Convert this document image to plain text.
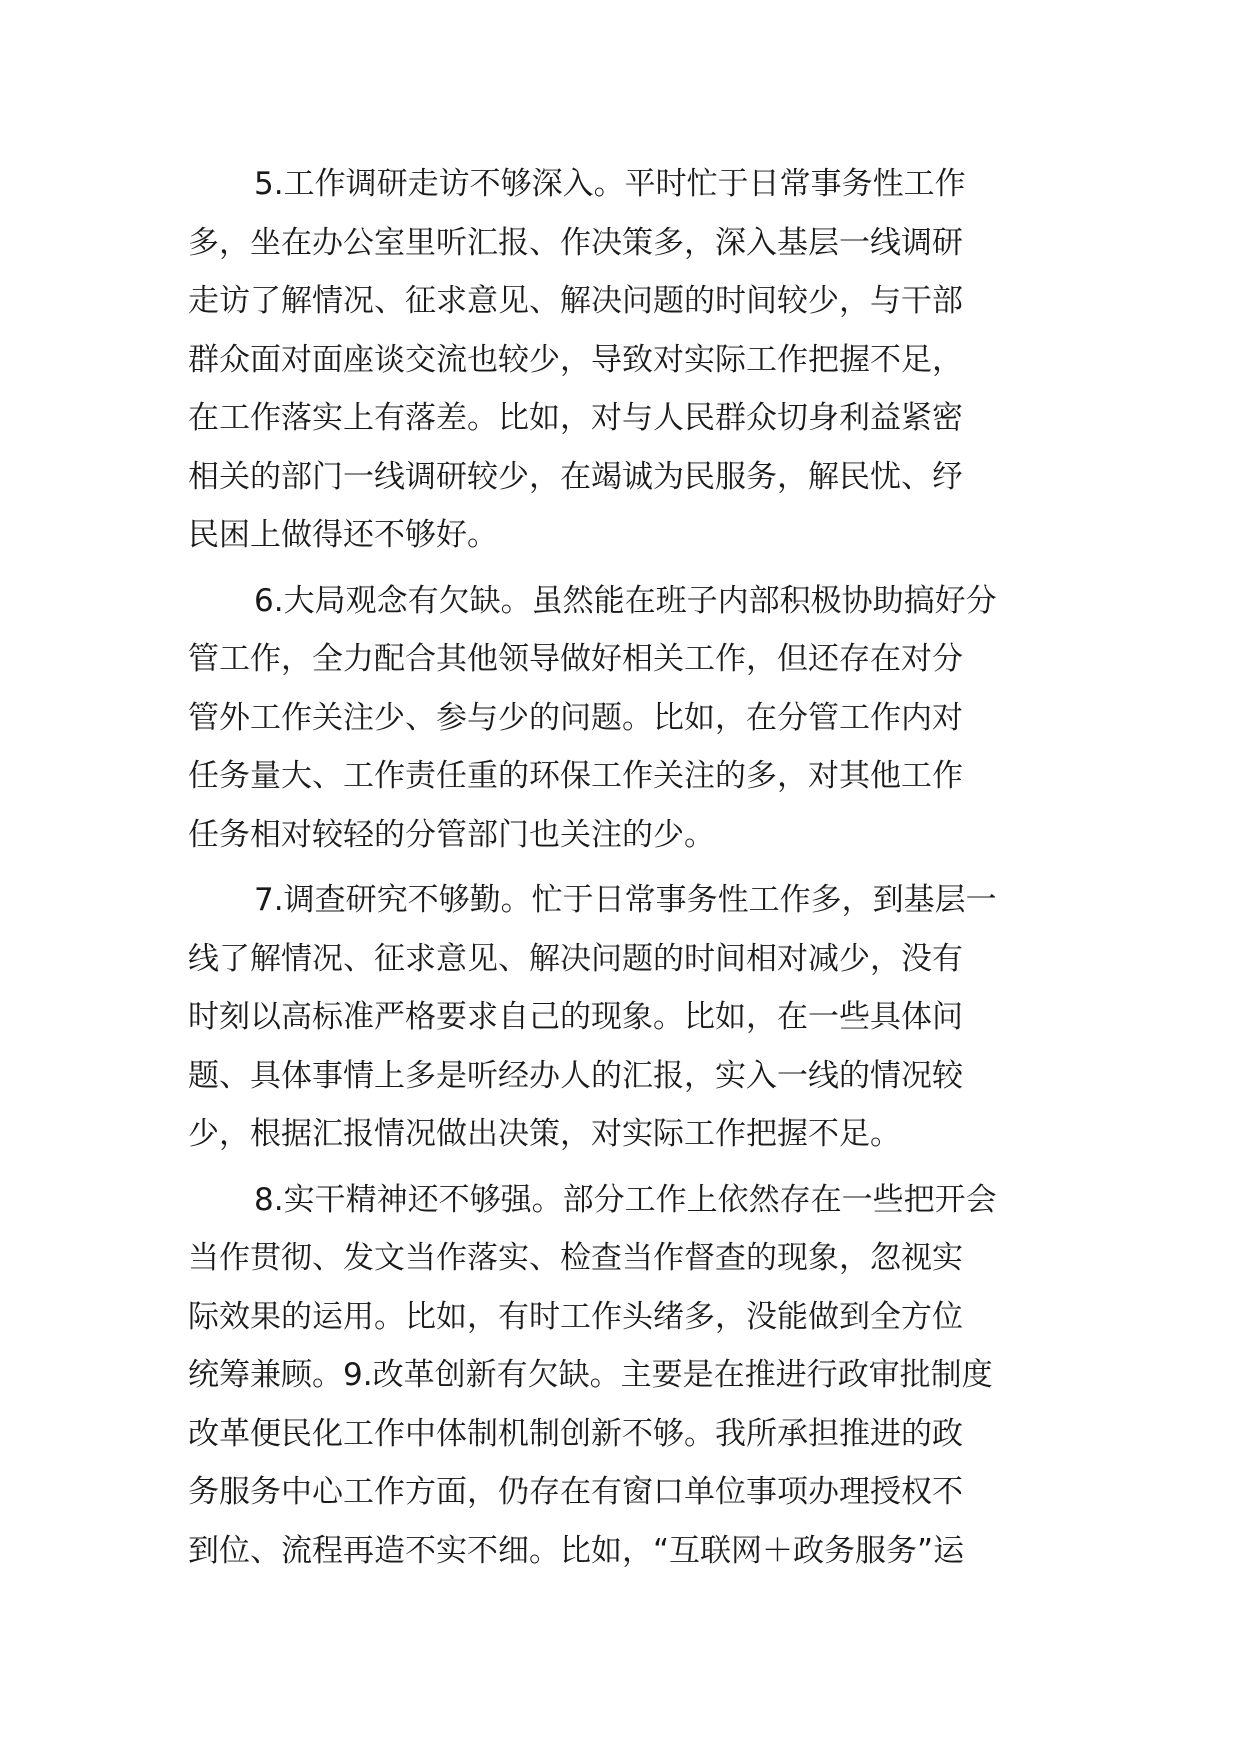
5.工作调研走访不够深入。平时忙于日常事务性工作
多，坐在办公室里听汇报、作决策多，深入基层一线调研
走访了解情况、征求意见、解决问题的时间较少，与干部
群众面对面座谈交流也较少，导致对实际工作把握不足，
在工作落实上有落差。比如，对与人民群众切身利益紧密
相关的部门一线调研较少，在竭诚为民服务，解民忧、纾
民困上做得还不够好。

6.大局观念有欠缺。虽然能在班子内部积极协助搞好分
管工作，全力配合其他领导做好相关工作，但还存在对分
管外工作关注少、参与少的问题。比如，在分管工作内对
任务量大、工作责任重的环保工作关注的多，对其他工作
任务相对较轻的分管部门也关注的少。

7.调查研究不够勤。忙于日常事务性工作多，到基层一
线了解情况、征求意见、解决问题的时间相对减少，没有
时刻以高标准严格要求自己的现象。比如，在一些具体问
题、具体事情上多是听经办人的汇报，实入一线的情况较
少，根据汇报情况做出决策，对实际工作把握不足。

8.实干精神还不够强。部分工作上依然存在一些把开会
当作贯彻、发文当作落实、检查当作督查的现象，忽视实
际效果的运用。比如，有时工作头绪多，没能做到全方位
统筹兼顾。9.改革创新有欠缺。主要是在推进行政审批制度
改革便民化工作中体制机制创新不够。我所承担推进的政
务服务中心工作方面，仍存在有窗口单位事项办理授权不
到位、流程再造不实不细。比如，“互联网＋政务服务”运
